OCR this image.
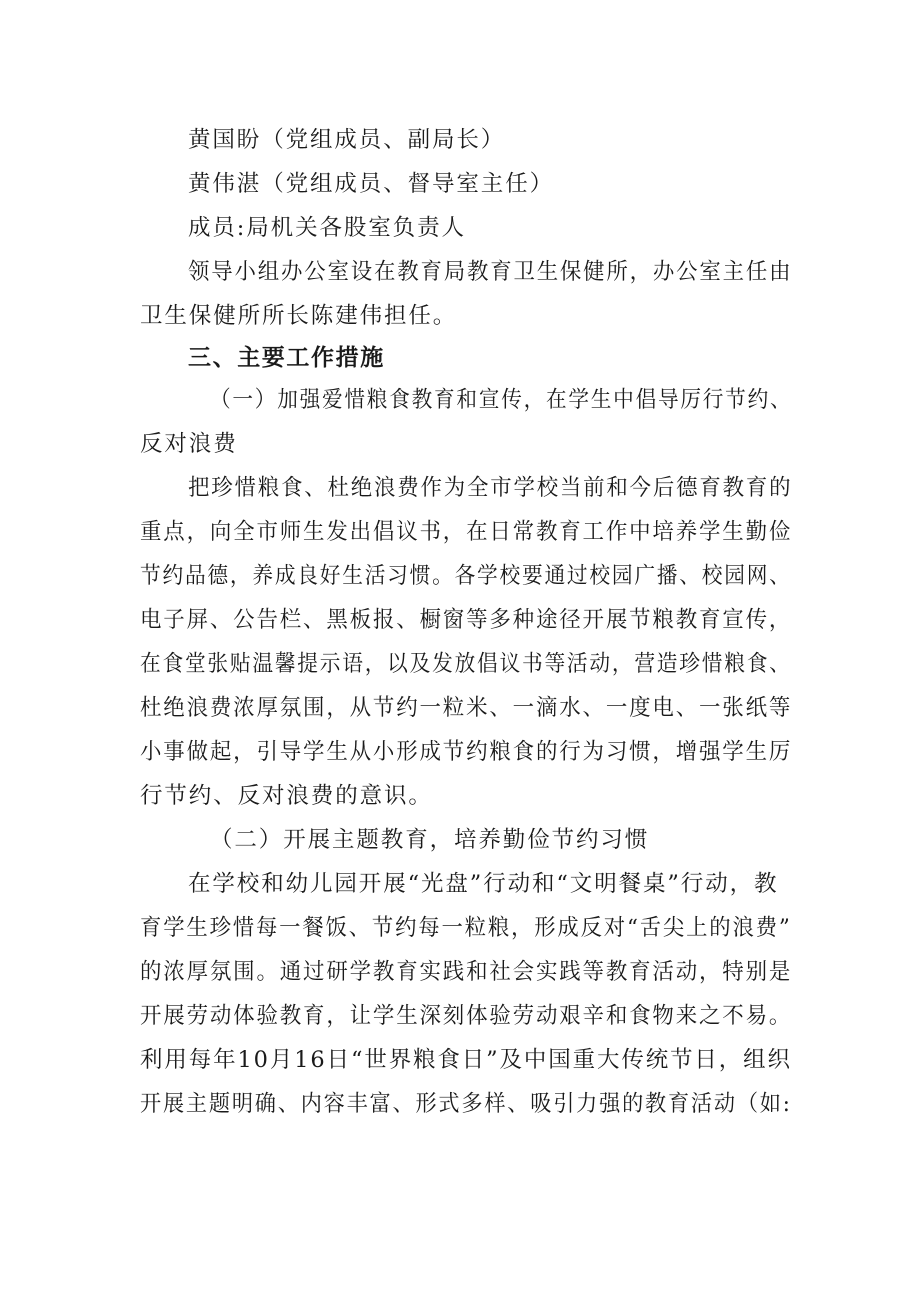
黄国盼（党组成员、副局长）
黄伟湛（党组成员、督导室主任）
成员:局机关各股室负责人
领导小组办公室设在教育局教育卫生保健所，办公室主任由
卫生保健所所长陈建伟担任。
三、主要工作措施
（一）加强爱惜粮食教育和宣传，在学生中倡导厉行节约、
反对浪费
把珍惜粮食、杜绝浪费作为全市学校当前和今后德育教育的
重点，向全市师生发出倡议书，在日常教育工作中培养学生勤俭
节约品德，养成良好生活习惯。各学校要通过校园广播、校园网、
电子屏、公告栏、黑板报、橱窗等多种途径开展节粮教育宣传，
在食堂张贴温馨提示语，以及发放倡议书等活动，营造珍惜粮食、
杜绝浪费浓厚氛围，从节约一粒米、一滴水、一度电、一张纸等
小事做起，引导学生从小形成节约粮食的行为习惯，增强学生厉
行节约、反对浪费的意识。
（二）开展主题教育，培养勤俭节约习惯
在学校和幼儿园开展“光盘”行动和“文明餐桌”行动，教
育学生珍惜每一餐饭、节约每一粒粮，形成反对“舌尖上的浪费”
的浓厚氛围。通过研学教育实践和社会实践等教育活动，特别是
开展劳动体验教育，让学生深刻体验劳动艰辛和食物来之不易。
利用每年10月16日“世界粮食日”及中国重大传统节日，组织
开展主题明确、内容丰富、形式多样、吸引力强的教育活动（如:
